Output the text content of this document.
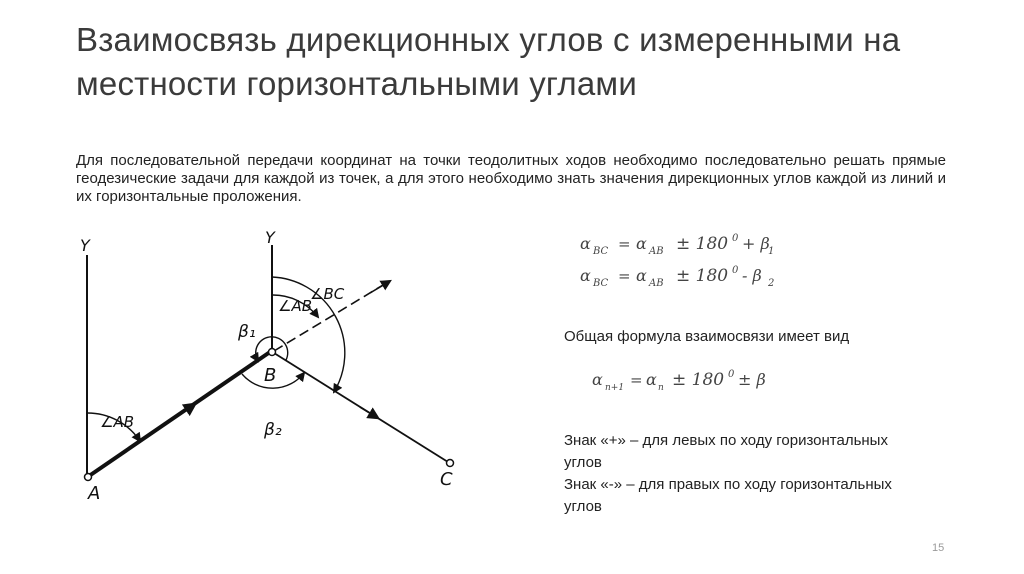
Взаимосвязь дирекционных углов с измеренными на местности горизонтальными углами
Для последовательной передачи координат на точки теодолитных ходов необходимо последовательно решать прямые геодезические задачи для каждой из точек, а для этого необходимо знать значения дирекционных углов каждой из линий и их горизонтальные проложения.
Y	Y
A
B
C
∠AB
∠AB
∠BC
β₁
β₂
α BC = α AB ± 180 0 + β
1
α BC = α AB ± 180 0 - β 2
Общая формула взаимосвязи имеет вид
α n+1 = α n ± 180 0 ± β
Знак «+» – для левых по ходу горизонтальных
углов
Знак «-» – для правых по ходу горизонтальных
углов
15
